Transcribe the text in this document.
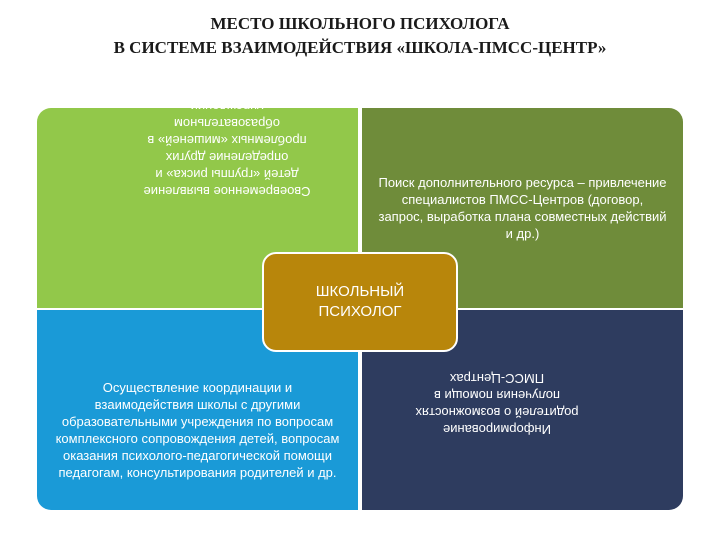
МЕСТО ШКОЛЬНОГО ПСИХОЛОГА
В СИСТЕМЕ ВЗАИМОДЕЙСТВИЯ «ШКОЛА-ПМСС-ЦЕНТР»
Своевременное выявление детей «группы риска» и определение других проблемных «мишеней» в образовательном учреждении
Поиск дополнительного ресурса – привлечение специалистов ПМСС-Центров (договор, запрос, выработка плана совместных действий и др.)
Осуществление координации и взаимодействия школы с другими образовательными учреждения по вопросам комплексного сопровождения детей, вопросам оказания психолого-педагогической помощи педагогам, консультирования родителей и др.
Информирование родителей о возможностях получения помощи в ПМСС-Центрах
ШКОЛЬНЫЙ ПСИХОЛОГ
